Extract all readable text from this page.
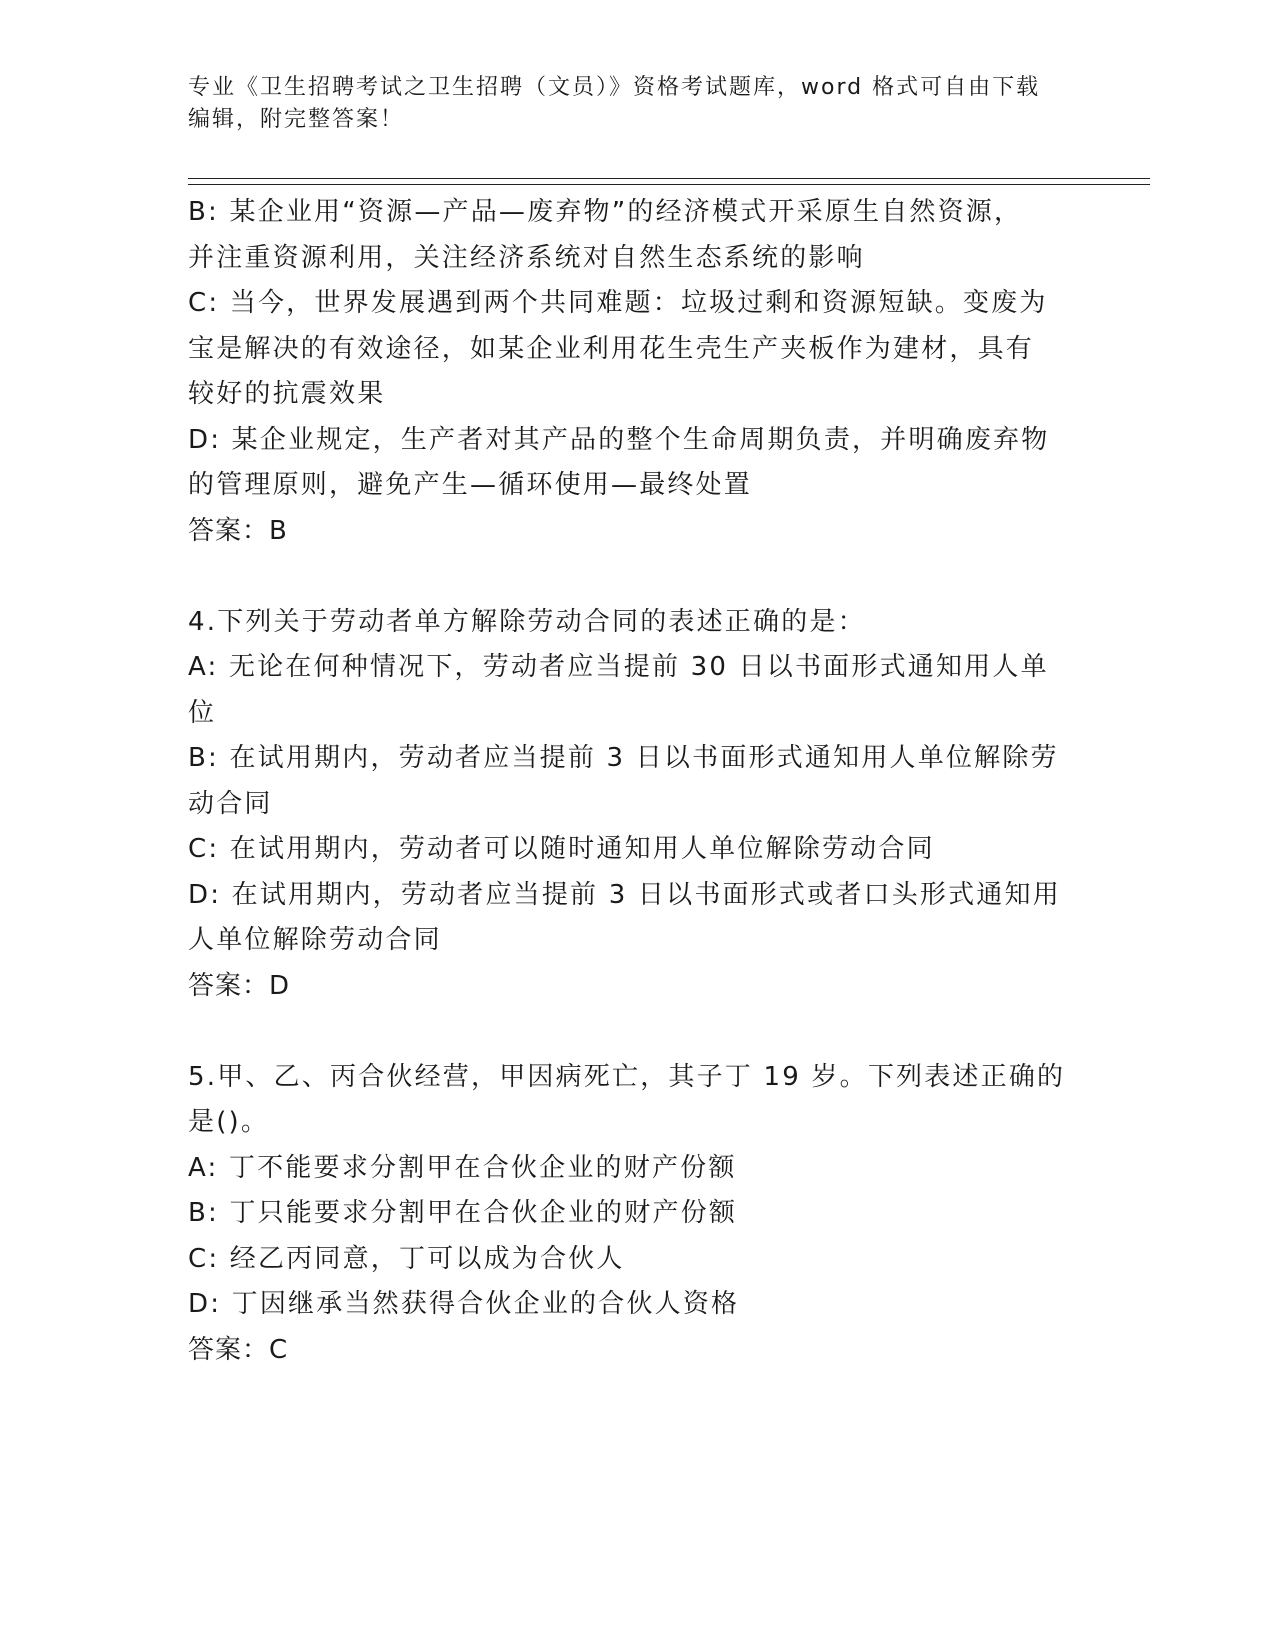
专业《卫生招聘考试之卫生招聘（文员）》资格考试题库，word 格式可自由下载
编辑，附完整答案！
B: 某企业用“资源—产品—废弃物”的经济模式开采原生自然资源，
并注重资源利用，关注经济系统对自然生态系统的影响
C: 当今，世界发展遇到两个共同难题：垃圾过剩和资源短缺。变废为
宝是解决的有效途径，如某企业利用花生壳生产夹板作为建材，具有
较好的抗震效果
D: 某企业规定，生产者对其产品的整个生命周期负责，并明确废弃物
的管理原则，避免产生—循环使用—最终处置
答案：B
4.下列关于劳动者单方解除劳动合同的表述正确的是：
A: 无论在何种情况下，劳动者应当提前 30 日以书面形式通知用人单
位
B: 在试用期内，劳动者应当提前 3 日以书面形式通知用人单位解除劳
动合同
C: 在试用期内，劳动者可以随时通知用人单位解除劳动合同
D: 在试用期内，劳动者应当提前 3 日以书面形式或者口头形式通知用
人单位解除劳动合同
答案：D
5.甲、乙、丙合伙经营，甲因病死亡，其子丁 19 岁。下列表述正确的
是()。
A: 丁不能要求分割甲在合伙企业的财产份额
B: 丁只能要求分割甲在合伙企业的财产份额
C: 经乙丙同意，丁可以成为合伙人
D: 丁因继承当然获得合伙企业的合伙人资格
答案：C
